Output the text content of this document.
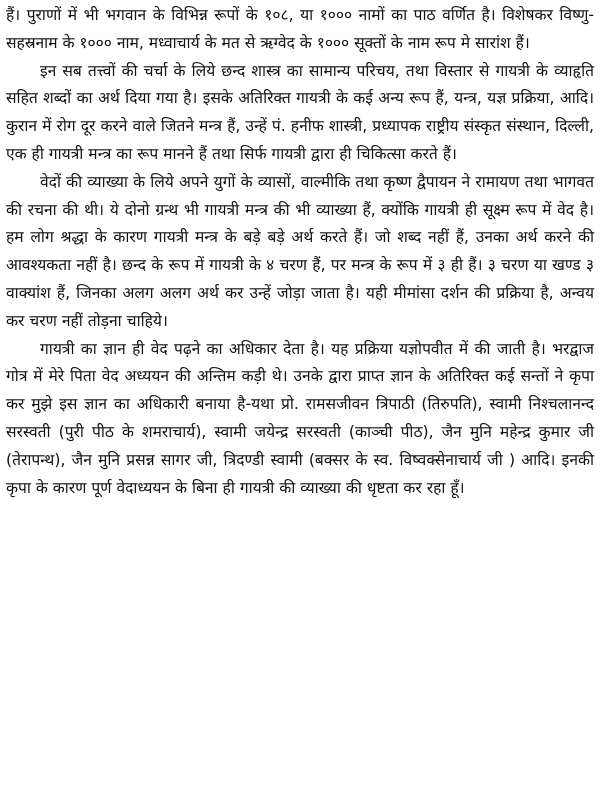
हैं। पुराणों में भी भगवान के विभिन्न रूपों के १०८, या १००० नामों का पाठ वर्णित है। विशेषकर विष्णु-सहस्रनाम के १००० नाम, मध्वाचार्य के मत से ऋग्वेद के १००० सूक्तों के नाम रूप मे सारांश हैं।

इन सब तत्त्वों की चर्चा के लिये छन्द शास्त्र का सामान्य परिचय, तथा विस्तार से गायत्री के व्याहृति सहित शब्दों का अर्थ दिया गया है। इसके अतिरिक्त गायत्री के कई अन्य रूप हैं, यन्त्र, यज्ञ प्रक्रिया, आदि। कुरान में रोग दूर करने वाले जितने मन्त्र हैं, उन्हें पं. हनीफ शास्त्री, प्रध्यापक राष्ट्रीय संस्कृत संस्थान, दिल्ली, एक ही गायत्री मन्त्र का रूप मानने हैं तथा सिर्फ गायत्री द्वारा ही चिकित्सा करते हैं।

वेदों की व्याख्या के लिये अपने युगों के व्यासों, वाल्मीकि तथा कृष्ण द्वैपायन ने रामायण तथा भागवत की रचना की थी। ये दोनो ग्रन्थ भी गायत्री मन्त्र की भी व्याख्या हैं, क्योंकि गायत्री ही सूक्ष्म रूप में वेद है। हम लोग श्रद्धा के कारण गायत्री मन्त्र के बड़े बड़े अर्थ करते हैं। जो शब्द नहीं हैं, उनका अर्थ करने की आवश्यकता नहीं है। छन्द के रूप में गायत्री के ४ चरण हैं, पर मन्त्र के रूप में ३ ही हैं। ३ चरण या खण्ड ३ वाक्यांश हैं, जिनका अलग अलग अर्थ कर उन्हें जोड़ा जाता है। यही मीमांसा दर्शन की प्रक्रिया है, अन्वय कर चरण नहीं तोड़ना चाहिये।

गायत्री का ज्ञान ही वेद पढ़ने का अधिकार देता है। यह प्रक्रिया यज्ञोपवीत में की जाती है। भरद्वाज गोत्र में मेरे पिता वेद अध्ययन की अन्तिम कड़ी थे। उनके द्वारा प्राप्त ज्ञान के अतिरिक्त कई सन्तों ने कृपा कर मुझे इस ज्ञान का अधिकारी बनाया है-यथा प्रो. रामसजीवन त्रिपाठी (तिरुपति), स्वामी निश्चलानन्द सरस्वती (पुरी पीठ के शमराचार्य), स्वामी जयेन्द्र सरस्वती (काञ्ची पीठ), जैन मुनि महेन्द्र कुमार जी (तेरापन्थ), जैन मुनि प्रसन्न सागर जी, त्रिदण्डी स्वामी (बक्सर के स्व. विष्वक्सेनाचार्य जी ) आदि। इनकी कृपा के कारण पूर्ण वेदाध्ययन के बिना ही गायत्री की व्याख्या की धृष्टता कर रहा हूँ।
